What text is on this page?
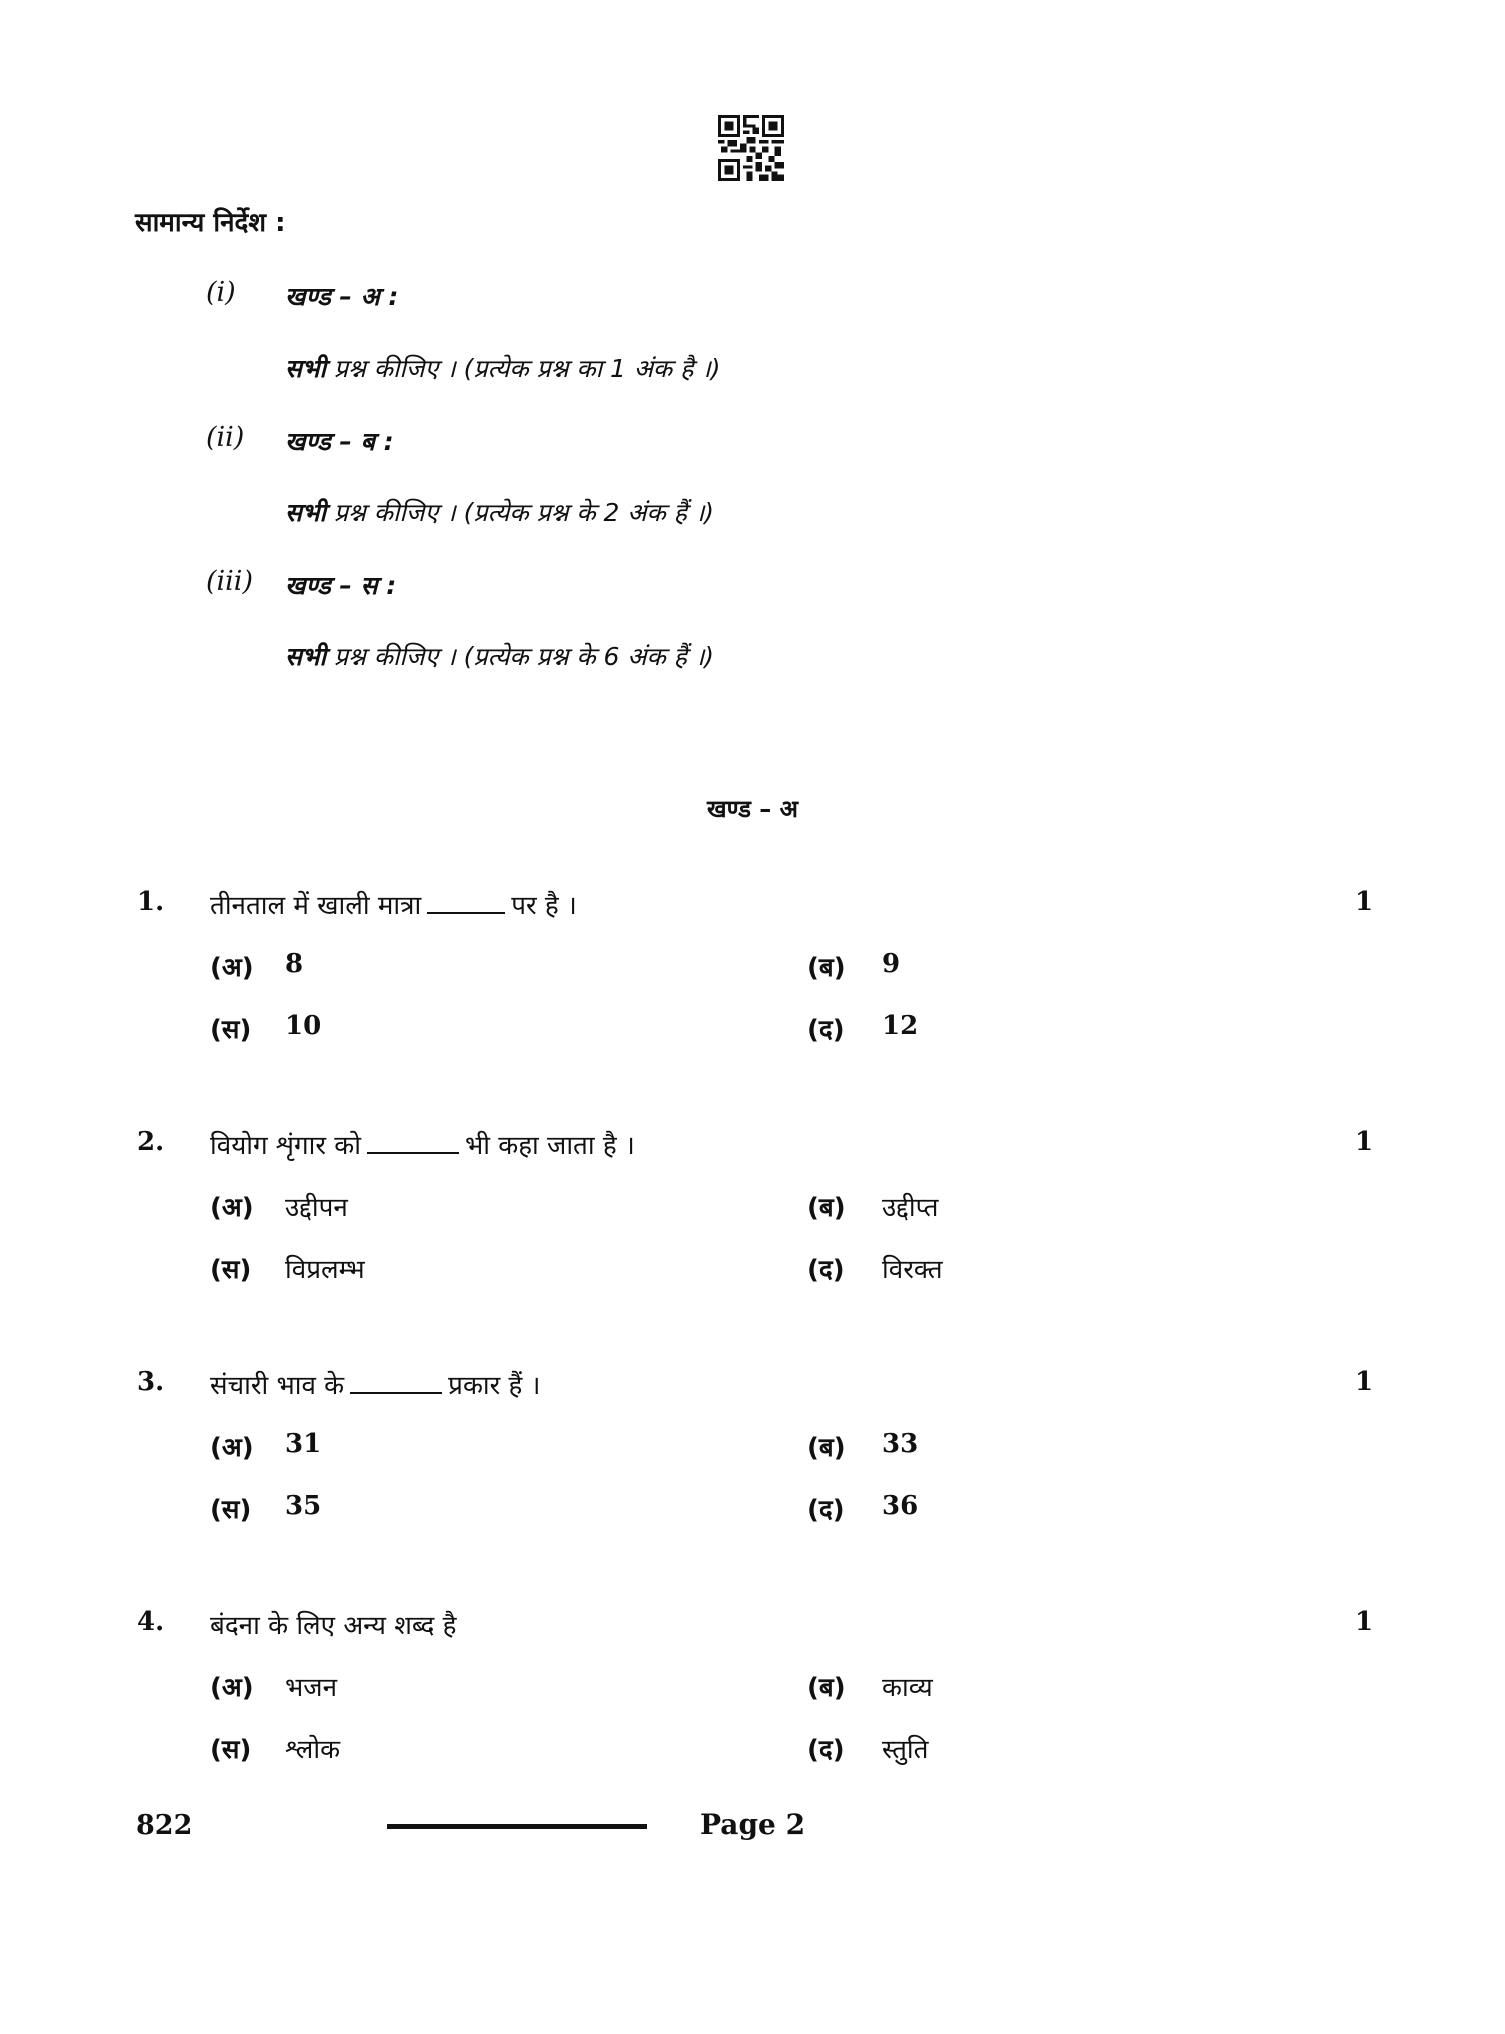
सामान्य निर्देश :
(i) खण्ड – अ :
सभी प्रश्न कीजिए । (प्रत्येक प्रश्न का 1 अंक है ।)
(ii) खण्ड – ब :
सभी प्रश्न कीजिए । (प्रत्येक प्रश्न के 2 अंक हैं ।)
(iii) खण्ड – स :
सभी प्रश्न कीजिए । (प्रत्येक प्रश्न के 6 अंक हैं ।)
खण्ड – अ
1. तीनताल में खाली मात्रा	पर है ।	1
(अ) 8	(ब) 9
(स) 10	(द) 12
2. वियोग शृंगार को	भी कहा जाता है ।	1
(अ) उद्दीपन	(ब) उद्दीप्त
(स) विप्रलम्भ	(द) विरक्त
3. संचारी भाव के	प्रकार हैं ।	1
(अ) 31	(ब) 33
(स) 35	(द) 36
4. बंदना के लिए अन्य शब्द है	1
(अ) भजन	(ब) काव्य
(स) श्लोक	(द) स्तुति
822	Page 2
